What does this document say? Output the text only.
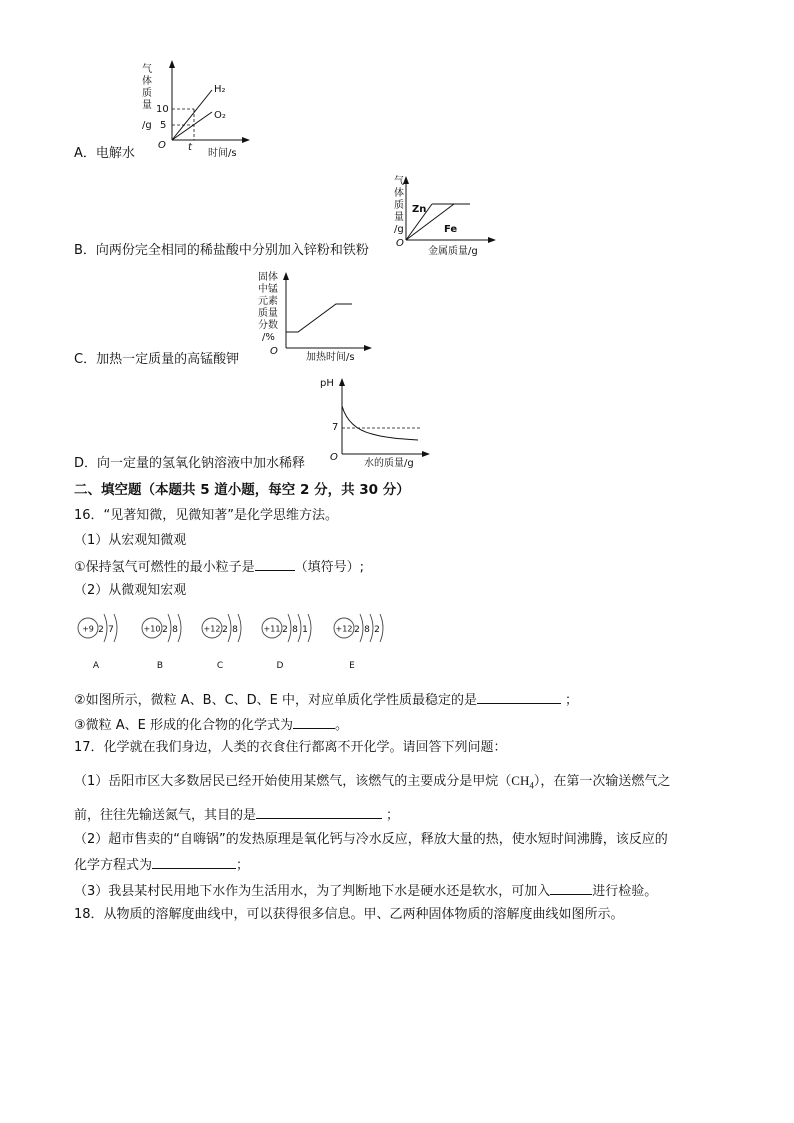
气
体
质
量
/g
10
5
O t
时间/s
H₂
O₂
A．电解水
气
体
质
量
/g
O
Zn
Fe
金属质量/g
B．向两份完全相同的稀盐酸中分别加入锌粉和铁粉
固体
中锰
元素
质量
分数
/%
O
加热时间/s
C．加热一定质量的高锰酸钾
pH
7
O
水的质量/g
D．向一定量的氢氧化钠溶液中加水稀释
二、填空题（本题共 5 道小题，每空 2 分，共 30 分）
16．“见著知微，见微知著”是化学思维方法。
（1）从宏观知微观
①保持氢气可燃性的最小粒子是	（填符号）;
（2）从微观知宏观
+9 2 7
A
+10 2 8
B
+12 2 8
C
+11 2 8 1
D
+12 2 8 2
E
②如图所示，微粒 A、B、C、D、E 中，对应单质化学性质最稳定的是	；
③微粒 A、E 形成的化合物的化学式为	。
17．化学就在我们身边，人类的衣食住行都离不开化学。请回答下列问题：
（1）岳阳市区大多数居民已经开始使用某燃气，该燃气的主要成分是甲烷$(CH_4)$，在第一次输送燃气之
前，往往先输送氮气，其目的是	；
（2）超市售卖的“自嗨锅”的发热原理是氧化钙与冷水反应，释放大量的热，使水短时间沸腾，该反应的
化学方程式为	；
（3）我县某村民用地下水作为生活用水，为了判断地下水是硬水还是软水，可加入	进行检验。
18．从物质的溶解度曲线中，可以获得很多信息。甲、乙两种固体物质的溶解度曲线如图所示。
